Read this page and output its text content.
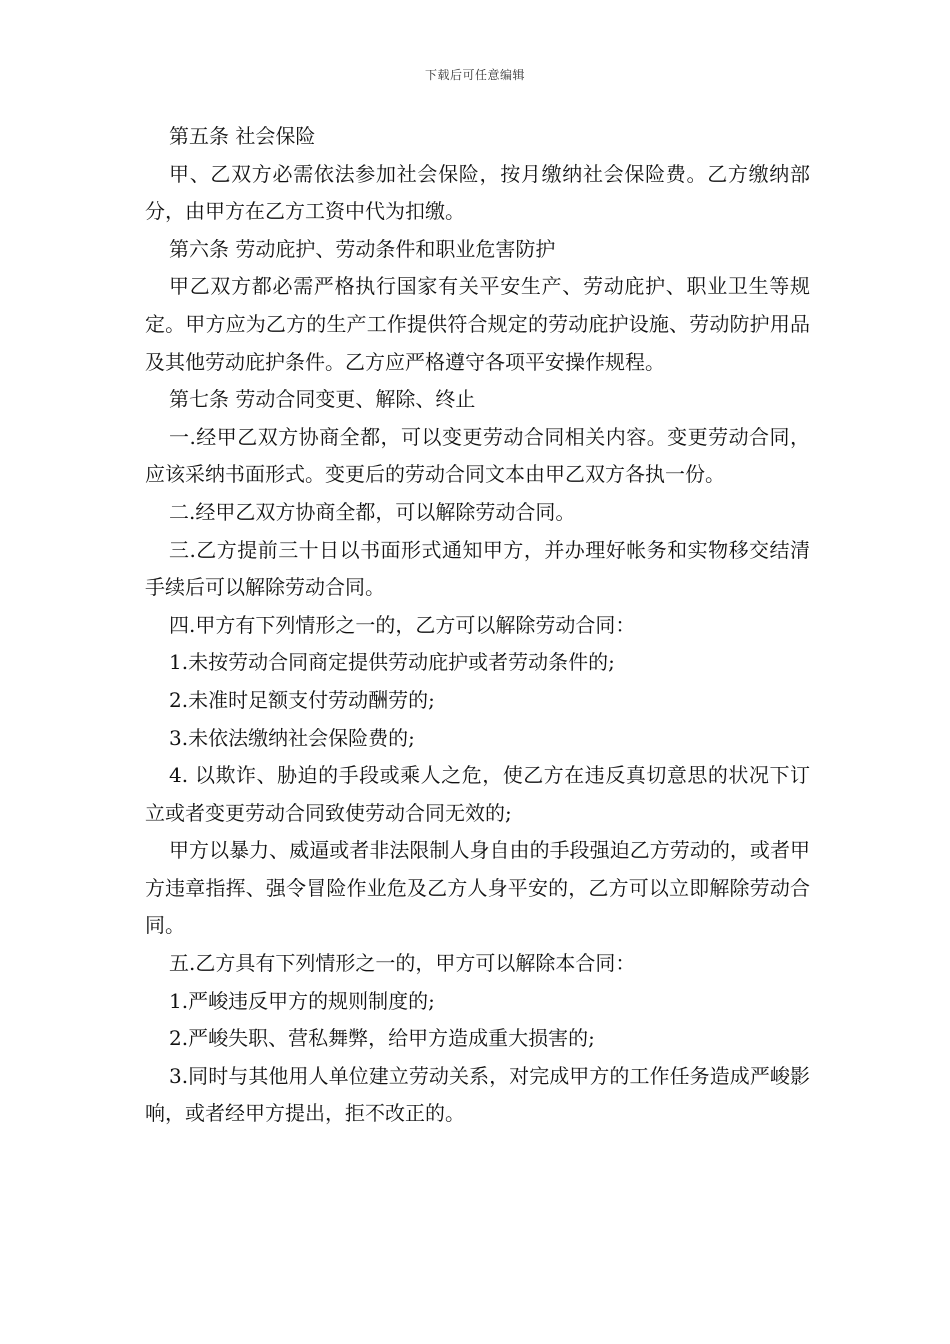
下载后可任意编辑

第五条 社会保险

甲、乙双方必需依法参加社会保险，按月缴纳社会保险费。乙方缴纳部分，由甲方在乙方工资中代为扣缴。

第六条 劳动庇护、劳动条件和职业危害防护

甲乙双方都必需严格执行国家有关平安生产、劳动庇护、职业卫生等规定。甲方应为乙方的生产工作提供符合规定的劳动庇护设施、劳动防护用品及其他劳动庇护条件。乙方应严格遵守各项平安操作规程。

第七条 劳动合同变更、解除、终止

一.经甲乙双方协商全都，可以变更劳动合同相关内容。变更劳动合同，应该采纳书面形式。变更后的劳动合同文本由甲乙双方各执一份。

二.经甲乙双方协商全都，可以解除劳动合同。

三.乙方提前三十日以书面形式通知甲方，并办理好帐务和实物移交结清手续后可以解除劳动合同。

四.甲方有下列情形之一的，乙方可以解除劳动合同：

1.未按劳动合同商定提供劳动庇护或者劳动条件的;

2.未准时足额支付劳动酬劳的;

3.未依法缴纳社会保险费的;

4. 以欺诈、胁迫的手段或乘人之危，使乙方在违反真切意思的状况下订立或者变更劳动合同致使劳动合同无效的;

甲方以暴力、威逼或者非法限制人身自由的手段强迫乙方劳动的，或者甲方违章指挥、强令冒险作业危及乙方人身平安的，乙方可以立即解除劳动合同。

五.乙方具有下列情形之一的，甲方可以解除本合同：

1.严峻违反甲方的规则制度的;

2.严峻失职、营私舞弊，给甲方造成重大损害的;

3.同时与其他用人单位建立劳动关系，对完成甲方的工作任务造成严峻影响，或者经甲方提出，拒不改正的。
